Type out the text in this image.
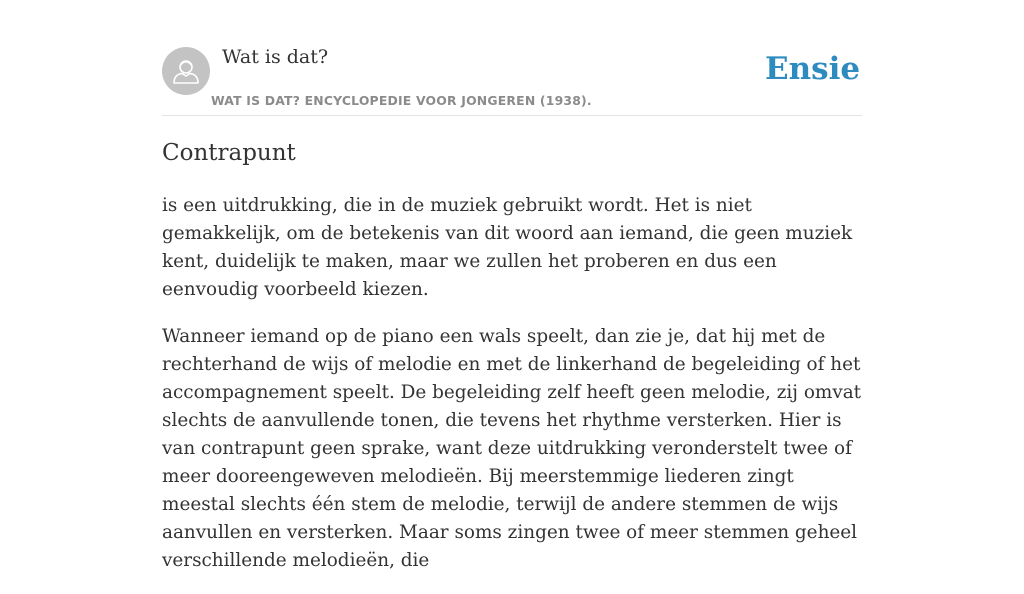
Wat is dat?
WAT IS DAT? ENCYCLOPEDIE VOOR JONGEREN (1938).
Ensie
Contrapunt

is een uitdrukking, die in de muziek gebruikt wordt. Het is niet gemakkelijk, om de betekenis van dit woord aan iemand, die geen muziek kent, duidelijk te maken, maar we zullen het proberen en dus een eenvoudig voorbeeld kiezen.

Wanneer iemand op de piano een wals speelt, dan zie je, dat hij met de rechterhand de wijs of melodie en met de linkerhand de begeleiding of het accompagnement speelt. De begeleiding zelf heeft geen melodie, zij omvat slechts de aanvullende tonen, die tevens het rhythme versterken. Hier is van contrapunt geen sprake, want deze uitdrukking veronderstelt twee of meer dooreengeweven melodieën. Bij meerstemmige liederen zingt meestal slechts één stem de melodie, terwijl de andere stemmen de wijs aanvullen en versterken. Maar soms zingen twee of meer stemmen geheel verschillende melodieën, die
